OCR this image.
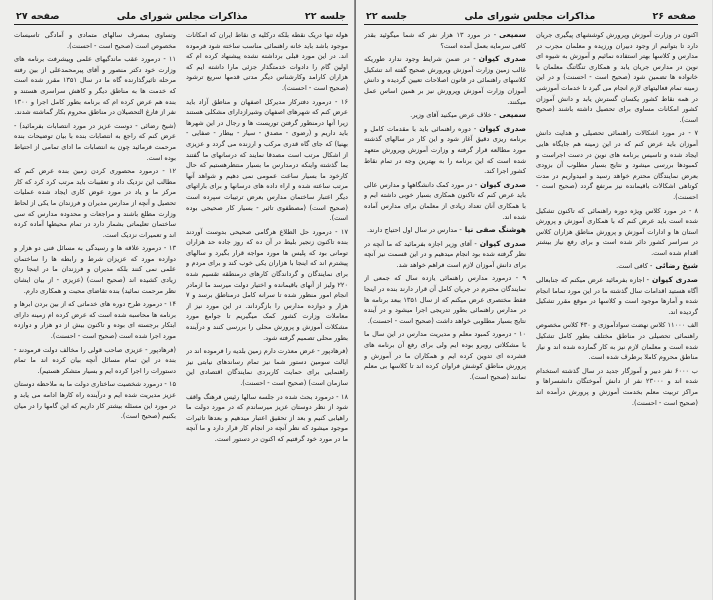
جلسه ۲۲
مذاکرات مجلس شورای ملی
صفحه ۲۷

هوله تنها دریک نقطه بلکه درکلیه ی نقاط ایران که امکانات موجود باشد باید خانه راهنمائی مناسب ساخته شود فرموده اند. در این مورد قبلی برداشته نشده پیشنهاد کرده ام که اولین گام را دادوات خدمتگذار جزئی مارا داشته ایم که هزاران کارامد وکارشناس دیگر مدتی قدمها سریع ترشود (صحیح است - احسنت).

۱۶ - درمورد دفترکار مدیرکل اصفهان و مناطق آزاد باید عرض کنم که شهرهای اصفهان وشیرازدارای مشکلی هستند زیرا آنها درمنظور گرفتن توریست ها و رجال در این شهرها باید داریم و (رضوی - مصدق - سیار - بیطار - صفایی - بهنیا) که جای گاه قدری مرکب و ارزنده می گردد و عزیزی از اشکال مرتب است مصدقا نمایند که درسانهای ما گفتند بما گذشته واینکه درمدارس ما بسیار منتظرهستیم که حال کارخود ما بسیار ساعت عمومی نمی دهیم و شواهد آنها مرتب ساعته شده و اراء داده های درسانها و برای باراتهای دیگر اعتبار ساختمان مدارس بعرض ترتیبات سپرده است (صحیح است) (مصطفوی تاثیر - بسیار کار صحیحی بوده است).

۱۷ - درمورد حل الطلاع هرگامی صحیحی بدوست آوردند بنده تاکنون زنجیر بلیط در آن ده که روز جاده حد هزاران تومانی بود که پلیس ها مورد مواجه قرار بگیرد و سالهای پیشترم اند که اینجا با هزاران یکی خوب کند و برای مردم و برای نمایندگان و گرداندگان کارهای درمنطقه تقسیم شده ۲۲۰ ولیز از آنهای باقیمانده و اختیار دولت میرسد ما ازمادر انجام امور منظور شده تا سرانه کامل درمناطق برسد و ۷ هزار و دوازده مدارس را بازگرداند. در این مورد نیز از معاملات وزارت کشور کمک میگیریم تا جوامع مورد مشکلات آموزش و پرورش محلی را بررسی کنند و درآینده بطور محلی تصمیم گرفته شود.

(فرهادپور - عرض معذرت دارم زمین بلدیه را فرموده اند در ایالت سومین دستور شما نیز تمام رساندهای نیابتی نیز راهنمایی برای حمایت کاربردی نمایندگان اقتصادی این سازمان است) (صحیح است - احسنت).

۱۸ - درمورد بحث شده در جلسه سالها رئیس فرهنگ واقف شود از نظر دوستان عزیز میرساندم که در مورد دولت ما راهیابی کنیم و بعد از تحقیق اعتبار میدهیم و بعدها تاثیرات موجود میشود که نظر آنچه در انجام کار قرار دارد و ما آنچه ما در مورد خود گرفتیم که اکنون در دستور است.

وتساوی بمصرف سالهای متمادی و آمادگی تاسیسات مخصوص است (صحیح است - احسنت).

۱۱ - درمورد عقب ماندگیهای علمی وپیشرفت برنامه های وزارت خود دکتر منصور و آقای پیرمحمدعلی از بین رفته مرحله تاثیرگذارنده گاه ما در سال ۱۳۵۱ مقرر شده است که خدمت ها به مناطق دیگر و کاهش سراسری هستند و بنده هم عرض کرده ام که برنامه بطور کامل اجرا و ۱۳۰۰ نفر از فارغ التحصیلان در مناطق محروم بکار گماشته شدند.

(شیخ رضائی - دوست عزیز در مورد انتصابات بفرمائید) - عرض کنم که راجع به انتصابات بنده با بیان توضیحات بنده مرحمت فرمائید چون به انتصابات ما ادای تمامی از احتیاط بوده است.

۱۲ - درمورد محصوری کردن زمین بنده عرض کنم که مطالب این نزدیک داد و تعقیبات باید مرتب کرد کرد که کار مرکز ما و یاد در مورد عوض کاری ایجاد شده عملیات تحصیل و آنچه از مدارس مدیران و فرزندان ما یکی از لحاظ وزارت مطلع باشند و مراجعات و محدوده مدارس که سی ساختمان تعلیماتی بشمار دارد در تمام محیطها آماده کرده اند و تعمیرات نزدیک است.

۱۳ - درمورد علاقه ها و رسیدگی به مسائل فنی دو هزار و دوازده مورد که عزیزان شرط و رابطه ها را ساختمان علمی نمی کنند بلکه مدیران و فرزندان ما در اینجا رنج زیادی کشیده اند (صحیح است) (عزیزی - از بیان ایشان نظر مرحمت نمائید) بنده تقاضای محبت و همکاری دارم.

۱۴ - درمورد طرح دوره های خدماتی که از بین بردن ابرها و برنامه ها محاسبه شده است که عرض کرده ام زمینه دارای ابتکار برجسته ای بوده و تاکنون بیش از دو هزار و دوازده مورد اجرا شده است (صحیح است - احسنت).

(فرهادپور - عزیزی صاحب قولی را مخالف دولت فرمودند - بنده در این تمام مسائل آنچه بیان کرده اند ما تمام دستورات را اجرا کرده ایم و بسیار متشکر هستیم).

۱۵ - درمورد شخصیت ساختاری دولت ما به ملاحظه دوستان عزیز مدیریت شده ایم و درآینده راه کارها ادامه می یابد و در مورد این مسئله بیشتر کار داریم که این گامها را در میان بکنیم (صحیح است).

صفحه ۲۶
مذاکرات مجلس شورای ملی
جلسه ۲۲

اکنون در وزارت آموزش وپرورش کوششهای پیگیری جریان دارد تا بتوانیم از وجود دبیران ورزیده و معلمان مجرب در مدارس و کلاسها بهتر استفاده نمائیم و آموزش به شیوه ای نوین در مدارس جریان یابد و همکاری تنگاتنگ معلمان با خانواده ها تضمین شود (صحیح است - احسنت) و در این زمینه تمام فعالیتهای لازم انجام می گیرد تا خدمات آموزشی در همه نقاط کشور یکسان گسترش یابد و دانش آموزان کشور امکانات مساوی برای تحصیل داشته باشند (صحیح است).

۷ - در مورد اشکالات راهنمائی تحصیلی و هدایت دانش آموزان باید عرض کنم که در این زمینه هم جایگاه هایی ایجاد شده و تاسیس برنامه های نوین در دست اجراست و کمبودها بررسی میشود و نتایج بسیار مطلوب آن بزودی بعرض نمایندگان محترم خواهد رسید و امیدواریم در مدت کوتاهی اشکالات باقیمانده نیز مرتفع گردد (صحیح است - احسنت).

۸ - در مورد کلاس ویژه دوره راهنمائی که تاکنون تشکیل شده است باید عرض کنم که با همکاری آموزش و پرورش استان ها و ادارات آموزش و پرورش مناطق هزاران کلاس در سراسر کشور دائر شده است و برای رفع نیاز بیشتر اقدام شده است.

شیخ رضائی- کافی است.

صدری کیوان- اجازه بفرمائید عرض میکنم که جنابعالی آگاه هستید اقدامات سال گذشته ما در این مورد تماما انجام شده و آمارها موجود است و کلاسها در موقع مقرر تشکیل گردیده اند.

الف ۱۱۰۰۰ کلاس نهضت سوادآموزی و ۴۳۰ کلاس مخصوص راهنمائی تحصیلی در مناطق مختلف بطور کامل تشکیل شده است و معلمان لازم نیز به کار گمارده شده اند و نیاز مناطق محروم کاملا برطرف شده است.

ب ۶۰۰۰ نفر دبیر و آموزگار جدید در سال گذشته استخدام شده اند و ۲۳۰۰۰ نفر از دانش آموختگان دانشسراها و مراکز تربیت معلم بخدمت آموزش و پرورش درآمده اند (صحیح است - احسنت).

سمیعی- در مورد ۱۳ هزار نفر که شما میگوئید بقدر کافی سرمایه بعمل آمده است؟

صدری کیوان- در ضمن شرایط وجود ندارد طوریکه غالب زمین وزارت آموزش وپرورش صحیح گفته اند تشکیل کلاسهای راهنمائی در قانون اصلاحات تعیین گردیده و دانش آموزان وزارت آموزش وپرورش نیز بر همین اساس عمل میکنند.

سمیعی- خلاف عرض میکنید آقای وزیر.

صدری کیوان- دوره راهنمائی باید با مقدمات کامل و برنامه ریزی دقیق آغاز شود و این کار در سالهای گذشته مورد مطالعه قرار گرفته و وزارت آموزش وپرورش متعهد شده است که این برنامه را به بهترین وجه در تمام نقاط کشور اجرا کند.

صدری کیوان- در مورد کمک دانشگاهها و مدارس عالی باید عرض کنم که تاکنون همکاری بسیار خوبی داشته ایم و با همکاری آنان تعداد زیادی از معلمان برای مدارس آماده شده اند.

هوشنگ صفی نیا- مدارس در سال اول احتیاج دارند.

صدری کیوان- آقای وزیر اجازه بفرمائید که ما آنچه در نظر گرفته شده بود انجام میدهیم و در این قسمت نیز آنچه برای دانش آموزان لازم است فراهم خواهد شد.

۹ - درمورد مدارس راهنمائی یازده سال که جمعی از نمایندگان محترم در جریان کامل آن قرار دارند بنده در اینجا فقط مختصری عرض میکنم که از سال ۱۳۵۱ ببعد برنامه ها در مدارس راهنمائی بطور تدریجی اجرا میشود و در آینده نتایج بسیار مطلوبی خواهد داشت (صحیح است - احسنت).

۱۰ - درمورد کمبود معلم و مدیریت مدارس در این سال ما با مشکلاتی روبرو بوده ایم ولی برای رفع آن برنامه های فشرده ای تدوین کرده ایم و همکاران ما در آموزش و پرورش مناطق کوشش فراوان کرده اند تا کلاسها بی معلم نمانند (صحیح است).
